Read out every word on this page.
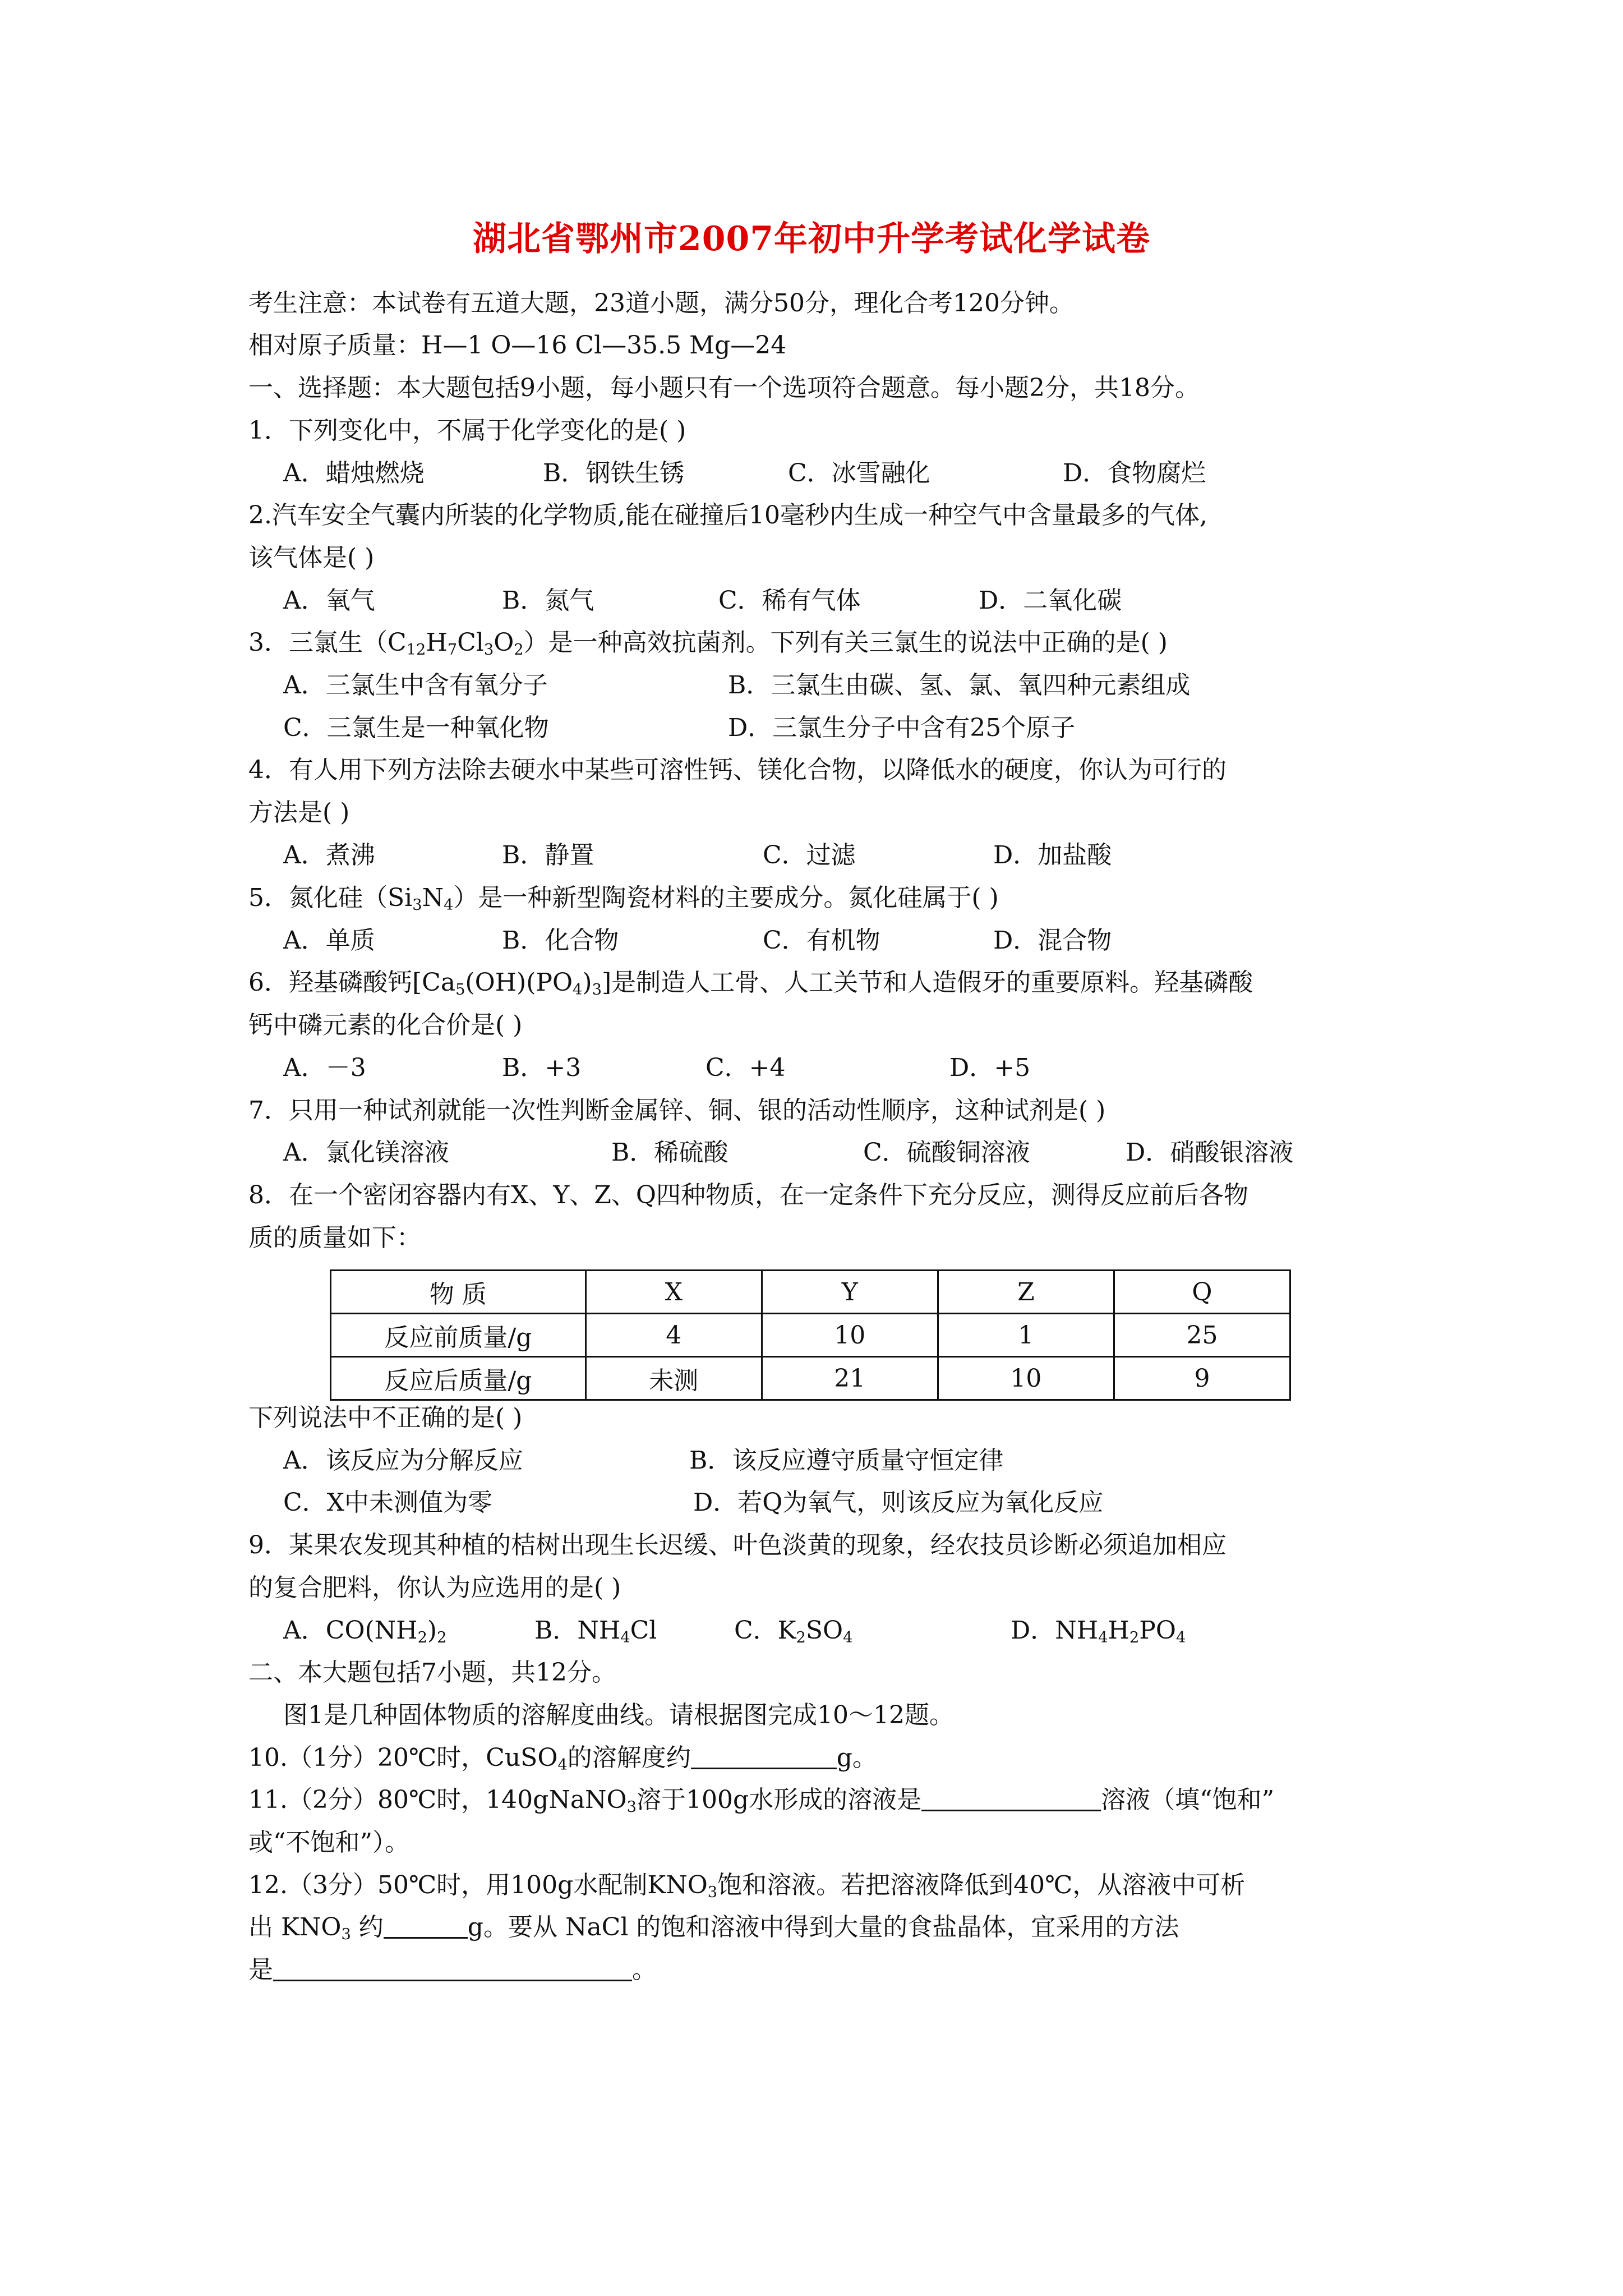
湖北省鄂州市2007年初中升学考试化学试卷
考生注意：本试卷有五道大题，23道小题，满分50分，理化合考120分钟。
相对原子质量：H—1 O—16 Cl—35.5 Mg—24
一、选择题：本大题包括9小题，每小题只有一个选项符合题意。每小题2分，共18分。
1．下列变化中，不属于化学变化的是( )
A．蜡烛燃烧	B．钢铁生锈	C．冰雪融化	D．食物腐烂
2.汽车安全气囊内所装的化学物质,能在碰撞后10毫秒内生成一种空气中含量最多的气体,
该气体是( )
A．氧气	B．氮气	C．稀有气体	D．二氧化碳
3．三氯生$(C_{12}H_7Cl_3O_2)$是一种高效抗菌剂。下列有关三氯生的说法中正确的是( )
A．三氯生中含有氧分子	B．三氯生由碳、氢、氯、氧四种元素组成
C．三氯生是一种氧化物	D．三氯生分子中含有25个原子
4．有人用下列方法除去硬水中某些可溶性钙、镁化合物，以降低水的硬度，你认为可行的
方法是( )
A．煮沸	B．静置	C．过滤	D．加盐酸
5．氮化硅$(Si_3N_4)$是一种新型陶瓷材料的主要成分。氮化硅属于( )
A．单质	B．化合物	C．有机物	D．混合物
6．羟基磷酸钙$[Ca_5(OH)(PO_4)_3]$是制造人工骨、人工关节和人造假牙的重要原料。羟基磷酸
钙中磷元素的化合价是( )
A．－3	B．+3	C．+4	D．+5
7．只用一种试剂就能一次性判断金属锌、铜、银的活动性顺序，这种试剂是( )
A．氯化镁溶液	B．稀硫酸	C．硫酸铜溶液	D．硝酸银溶液
8．在一个密闭容器内有X、Y、Z、Q四种物质，在一定条件下充分反应，测得反应前后各物
质的质量如下：
物 质	X	Y	Z	Q
反应前质量/g	4	10	1	25
反应后质量/g	未测	21	10	9
下列说法中不正确的是( )
A．该反应为分解反应	B．该反应遵守质量守恒定律
C．X中未测值为零	D．若Q为氧气，则该反应为氧化反应
9．某果农发现其种植的桔树出现生长迟缓、叶色淡黄的现象，经农技员诊断必须追加相应
的复合肥料，你认为应选用的是( )
A．$CO(NH_2)_2$	B．$NH_4Cl$	C．$K_2SO_4$	D．$NH_4H_2PO_4$
二、本大题包括7小题，共12分。
图1是几种固体物质的溶解度曲线。请根据图完成10～12题。
10.（1分）20℃时，CuSO$_4$的溶解度约	g。
11.（2分）80℃时，140gNaNO$_3$溶于100g水形成的溶液是	溶液（填“饱和”
或“不饱和”）。
12.（3分）50℃时，用100g水配制$KNO_3$饱和溶液。若把溶液降低到40℃，从溶液中可析
出 $KNO_3$ 约	g。要从 NaCl 的饱和溶液中得到大量的食盐晶体，宜采用的方法
是	。
